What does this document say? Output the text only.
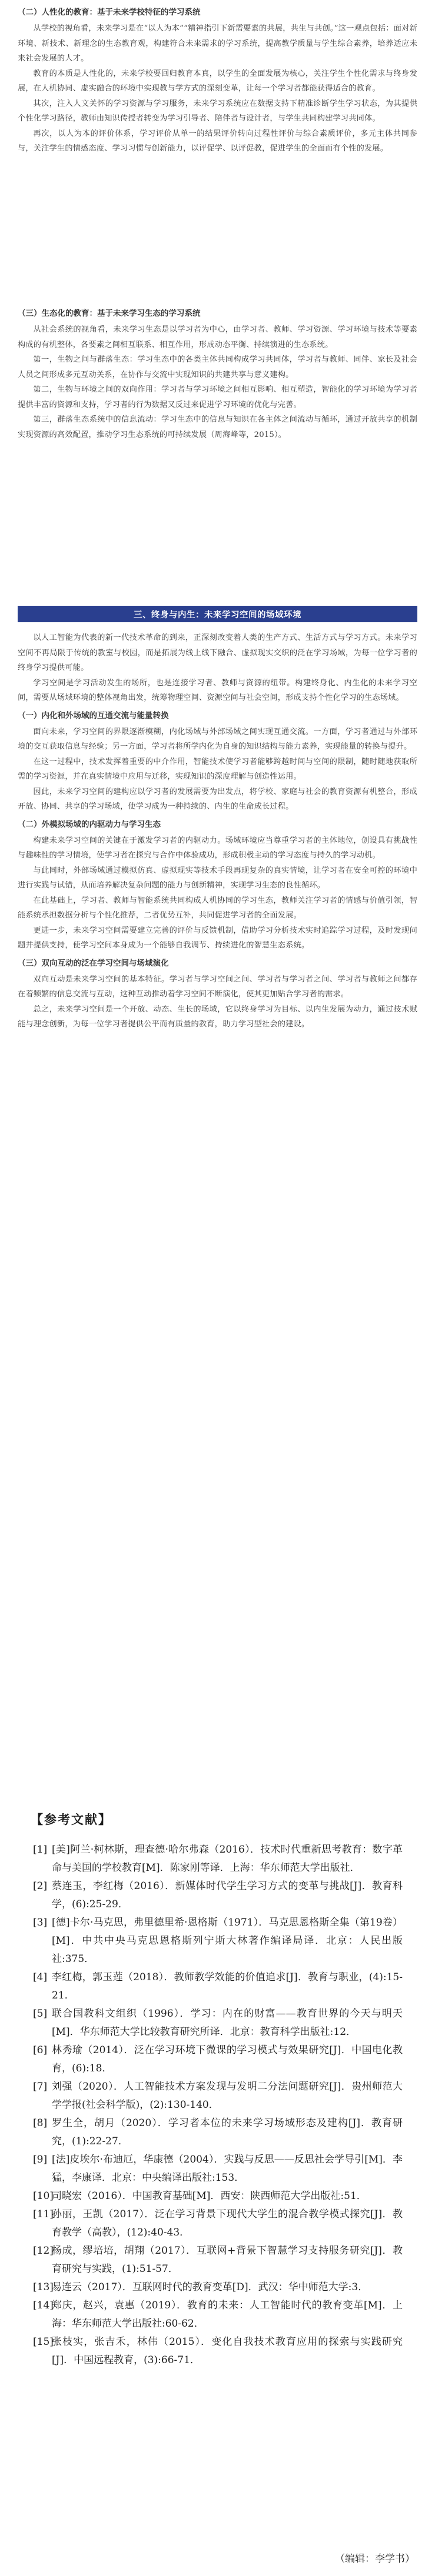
（二）人性化的教育：基于未来学校特征的学习系统

从学校的视角看，未来学习是在“以人为本”“精神指引下新需要素的共展，共生与共创。”这一观点包括：面对新环境、新技术、新理念的生态教育观，构建符合未来需求的学习系统，提高教学质量与学生综合素养，培养适应未来社会发展的人才。

教育的本质是人性化的，未来学校要回归教育本真，以学生的全面发展为核心，关注学生个性化需求与终身发展，在人机协同、虚实融合的环境中实现教与学方式的深刻变革，让每一个学习者都能获得适合的教育。

其次，注入人文关怀的学习资源与学习服务，未来学习系统应在数据支持下精准诊断学生学习状态，为其提供个性化学习路径，教师由知识传授者转变为学习引导者、陪伴者与设计者，与学生共同构建学习共同体。

再次，以人为本的评价体系，学习评价从单一的结果评价转向过程性评价与综合素质评价，多元主体共同参与，关注学生的情感态度、学习习惯与创新能力，以评促学、以评促教，促进学生的全面而有个性的发展。

（三）生态化的教育：基于未来学习生态的学习系统

从社会系统的视角看，未来学习生态是以学习者为中心，由学习者、教师、学习资源、学习环境与技术等要素构成的有机整体，各要素之间相互联系、相互作用，形成动态平衡、持续演进的生态系统。

第一，生物之间与群落生态：学习生态中的各类主体共同构成学习共同体，学习者与教师、同伴、家长及社会人员之间形成多元互动关系，在协作与交流中实现知识的共建共享与意义建构。

第二，生物与环境之间的双向作用：学习者与学习环境之间相互影响、相互塑造，智能化的学习环境为学习者提供丰富的资源和支持，学习者的行为数据又反过来促进学习环境的优化与完善。

第三，群落生态系统中的信息流动：学习生态中的信息与知识在各主体之间流动与循环，通过开放共享的机制实现资源的高效配置，推动学习生态系统的可持续发展（周海峰等，2015）。

三、终身与内生：未来学习空间的场域环境

以人工智能为代表的新一代技术革命的到来，正深刻改变着人类的生产方式、生活方式与学习方式。未来学习空间不再局限于传统的教室与校园，而是拓展为线上线下融合、虚拟现实交织的泛在学习场域，为每一位学习者的终身学习提供可能。

学习空间是学习活动发生的场所，也是连接学习者、教师与资源的纽带。构建终身化、内生化的未来学习空间，需要从场域环境的整体视角出发，统筹物理空间、资源空间与社会空间，形成支持个性化学习的生态场域。

（一）内化和外场域的互通交流与能量转换

面向未来，学习空间的界限逐渐模糊，内化场域与外部场域之间实现互通交流。一方面，学习者通过与外部环境的交互获取信息与经验；另一方面，学习者将所学内化为自身的知识结构与能力素养，实现能量的转换与提升。

在这一过程中，技术发挥着重要的中介作用，智能技术使学习者能够跨越时间与空间的限制，随时随地获取所需的学习资源，并在真实情境中应用与迁移，实现知识的深度理解与创造性运用。

因此，未来学习空间的建构应以学习者的发展需要为出发点，将学校、家庭与社会的教育资源有机整合，形成开放、协同、共享的学习场域，使学习成为一种持续的、内生的生命成长过程。

（二）外模拟场域的内驱动力与学习生态

构建未来学习空间的关键在于激发学习者的内驱动力。场域环境应当尊重学习者的主体地位，创设具有挑战性与趣味性的学习情境，使学习者在探究与合作中体验成功，形成积极主动的学习态度与持久的学习动机。

与此同时，外部场域通过模拟仿真、虚拟现实等技术手段再现复杂的真实情境，让学习者在安全可控的环境中进行实践与试错，从而培养解决复杂问题的能力与创新精神，实现学习生态的良性循环。

在此基础上，学习者、教师与智能系统共同构成人机协同的学习生态，教师关注学习者的情感与价值引领，智能系统承担数据分析与个性化推荐，二者优势互补，共同促进学习者的全面发展。

更进一步，未来学习空间需要建立完善的评价与反馈机制，借助学习分析技术实时追踪学习过程，及时发现问题并提供支持，使学习空间本身成为一个能够自我调节、持续进化的智慧生态系统。

（三）双向互动的泛在学习空间与场域演化

双向互动是未来学习空间的基本特征。学习者与学习空间之间、学习者与学习者之间、学习者与教师之间都存在着频繁的信息交流与互动，这种互动推动着学习空间不断演化，使其更加贴合学习者的需求。

总之，未来学习空间是一个开放、动态、生长的场域，它以终身学习为目标、以内生发展为动力，通过技术赋能与理念创新，为每一位学习者提供公平而有质量的教育，助力学习型社会的建设。

【参考文献】

[1] [美]阿兰·柯林斯，理查德·哈尔弗森（2016）．技术时代重新思考教育：数字革命与美国的学校教育[M]．陈家刚等译．上海：华东师范大学出版社．

[2] 蔡连玉，李红梅（2016）．新媒体时代学生学习方式的变革与挑战[J]．教育科学，(6):25-29．

[3] [德]卡尔·马克思，弗里德里希·恩格斯（1971）．马克思恩格斯全集（第19卷）[M]．中共中央马克思恩格斯列宁斯大林著作编译局译．北京：人民出版社:375．

[4] 李红梅，郭玉莲（2018）．教师教学效能的价值追求[J]．教育与职业，(4):15-21．

[5] 联合国教科文组织（1996）．学习：内在的财富——教育世界的今天与明天[M]．华东师范大学比较教育研究所译．北京：教育科学出版社:12．

[6] 林秀瑜（2014）．泛在学习环境下微课的学习模式与效果研究[J]．中国电化教育，(6):18．

[7] 刘强（2020）．人工智能技术方案发现与发明二分法问题研究[J]．贵州师范大学学报(社会科学版)，(2):130-140．

[8] 罗生全，胡月（2020）．学习者本位的未来学习场域形态及建构[J]．教育研究，(1):22-27．

[9] [法]皮埃尔·布迪厄，华康德（2004）．实践与反思——反思社会学导引[M]．李猛，李康译．北京：中央编译出版社:153．

[10]
司晓宏（2016）．中国教育基础[M]．西安：陕西师范大学出版社:51．

[11]
孙丽，王凯（2017）．泛在学习背景下现代大学生的混合教学模式探究[J]．教育教学（高教），(12):40-43．

[12]
杨成，缪培培，胡翔（2017）．互联网+背景下智慧学习支持服务研究[J]．教育研究与实践，(1):51-57．

[13]
易连云（2017）．互联网时代的教育变革[D]．武汉：华中师范大学:3．

[14]
郑庆，赵兴，袁惠（2019）．教育的未来：人工智能时代的教育变革[M]．上海：华东师范大学出版社:60-62．

[15]
张枝实，张吉禾，林伟（2015）．变化自我技术教育应用的探索与实践研究[J]．中国远程教育，(3):66-71．

（编辑：李学书）
